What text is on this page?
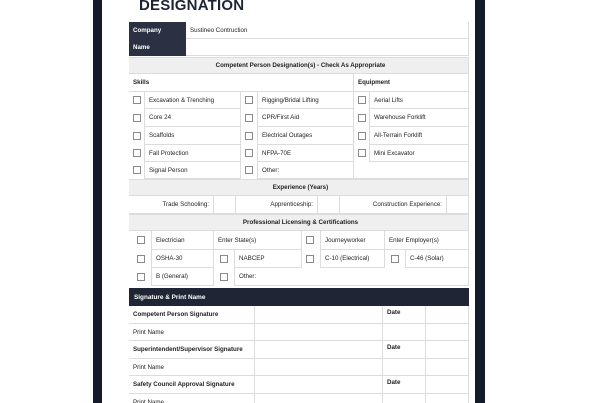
DESIGNATION
Company	Sustineo Contruction
Name
Competent Person Designation(s) - Check As Appropriate
Skills	Equipment
Excavation & Trenching	Rigging/Bridal Lifting	Aerial Lifts
Core 24	CPR/First Aid	Warehouse Forklift
Scaffolds	Electrical Outages	All-Terrain Forklift
Fall Protection	NFPA-70E	Mini Excavator
Signal Person	Other:
Experience (Years)
Trade Schooling:	Apprenticeship:	Construction Experience:
Professional Licensing & Certifications
Electrician	Enter State(s)	Journeyworker	Enter Employer(s)
OSHA-30	NABCEP	C-10 (Electrical)	C-46 (Solar)
B (General)	Other:
Signature & Print Name
Competent Person Signature	Date
Print Name
Superintendent/Supervisor Signature	Date
Print Name
Safety Council Approval Signature	Date
Print Name
